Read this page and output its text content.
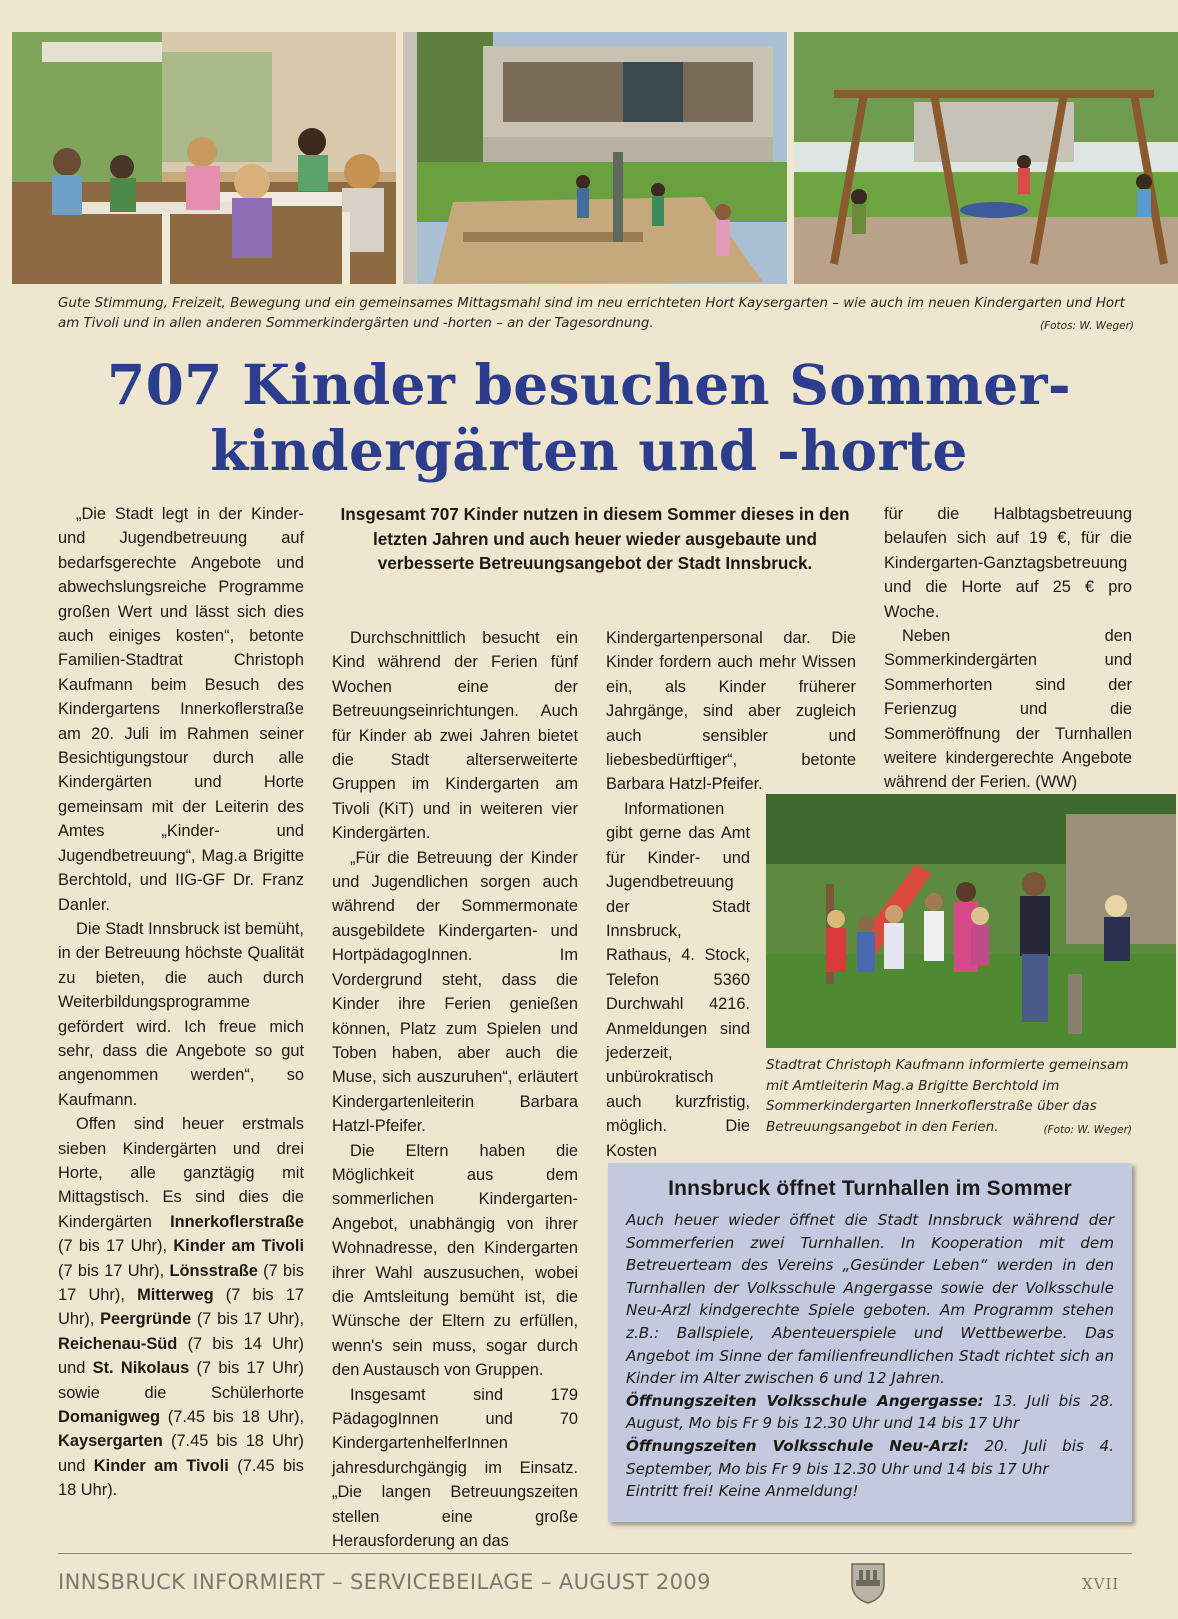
Gute Stimmung, Freizeit, Bewegung und ein gemeinsames Mittagsmahl sind im neu errichteten Hort Kaysergarten – wie auch im neuen Kindergarten und Hort am Tivoli und in allen anderen Sommerkindergärten und -horten – an der Tagesordnung.	(Fotos: W. Weger)
707 Kinder besuchen Sommer-
kindergärten und -horte

„Die Stadt legt in der Kinder- und Jugendbetreuung auf bedarfsgerechte Angebote und abwechslungsreiche Programme großen Wert und lässt sich dies auch einiges kosten“, betonte Familien-Stadtrat Christoph Kaufmann beim Besuch des Kindergartens Innerkoflerstraße am 20. Juli im Rahmen seiner Besichtigungstour durch alle Kindergärten und Horte gemeinsam mit der Leiterin des Amtes „Kinder- und Jugendbetreuung“, Mag.a Brigitte Berchtold, und IIG-GF Dr. Franz Danler.

Die Stadt Innsbruck ist bemüht, in der Betreuung höchste Qualität zu bieten, die auch durch Weiterbildungsprogramme gefördert wird. Ich freue mich sehr, dass die Angebote so gut angenommen werden“, so Kaufmann.

Offen sind heuer erstmals sieben Kindergärten und drei Horte, alle ganztägig mit Mittagstisch. Es sind dies die Kindergärten Innerkoflerstraße (7 bis 17 Uhr), Kinder am Tivoli (7 bis 17 Uhr), Lönsstraße (7 bis 17 Uhr), Mitterweg (7 bis 17 Uhr), Peergründe (7 bis 17 Uhr), Reichenau-Süd (7 bis 14 Uhr) und St. Nikolaus (7 bis 17 Uhr) sowie die Schülerhorte Domanigweg (7.45 bis 18 Uhr), Kaysergarten (7.45 bis 18 Uhr) und Kinder am Tivoli (7.45 bis 18 Uhr).

Insgesamt 707 Kinder nutzen in diesem Sommer dieses in den letzten Jahren und auch heuer wieder ausgebaute und verbesserte Betreuungsangebot der Stadt Innsbruck.

Durchschnittlich besucht ein Kind während der Ferien fünf Wochen eine der Betreuungseinrichtungen. Auch für Kinder ab zwei Jahren bietet die Stadt alterserweiterte Gruppen im Kindergarten am Tivoli (KiT) und in weiteren vier Kindergärten.

„Für die Betreuung der Kinder und Jugendlichen sorgen auch während der Sommermonate ausgebildete Kindergarten- und HortpädagogInnen. Im Vordergrund steht, dass die Kinder ihre Ferien genießen können, Platz zum Spielen und Toben haben, aber auch die Muse, sich auszuruhen“, erläutert Kindergartenleiterin Barbara Hatzl-Pfeifer.

Die Eltern haben die Möglichkeit aus dem sommerlichen Kindergarten-Angebot, unabhängig von ihrer Wohnadresse, den Kindergarten ihrer Wahl auszusuchen, wobei die Amtsleitung bemüht ist, die Wünsche der Eltern zu erfüllen, wenn's sein muss, sogar durch den Austausch von Gruppen.

Insgesamt sind 179 PädagogInnen und 70 KindergartenhelferInnen jahresdurchgängig im Einsatz. „Die langen Betreuungszeiten stellen eine große Herausforderung an das

Kindergartenpersonal dar. Die Kinder fordern auch mehr Wissen ein, als Kinder früherer Jahrgänge, sind aber zugleich auch sensibler und liebesbedürftiger“, betonte Barbara Hatzl-Pfeifer.

Informationen gibt gerne das Amt für Kinder- und Jugendbetreuung der Stadt Innsbruck, Rathaus, 4. Stock, Telefon 5360 Durchwahl 4216. Anmeldungen sind jederzeit, unbürokratisch auch kurzfristig, möglich. Die Kosten

für die Halbtagsbetreuung belaufen sich auf 19 €, für die Kindergarten-Ganztagsbetreuung und die Horte auf 25 € pro Woche.

Neben den Sommerkindergärten und Sommerhorten sind der Ferienzug und die Sommeröffnung der Turnhallen weitere kindergerechte Angebote während der Ferien. (WW)

Stadtrat Christoph Kaufmann informierte gemeinsam mit Amtleiterin Mag.a Brigitte Berchtold im Sommerkindergarten Innerkoflerstraße über das Betreuungsangebot in den Ferien.	(Foto: W. Weger)
Innsbruck öffnet Turnhallen im Sommer

Auch heuer wieder öffnet die Stadt Innsbruck während der Sommerferien zwei Turnhallen. In Kooperation mit dem Betreuerteam des Vereins „Gesünder Leben“ werden in den Turnhallen der Volksschule Angergasse sowie der Volksschule Neu-Arzl kindgerechte Spiele geboten. Am Programm stehen z.B.: Ballspiele, Abenteuerspiele und Wettbewerbe. Das Angebot im Sinne der familienfreundlichen Stadt richtet sich an Kinder im Alter zwischen 6 und 12 Jahren.
Öffnungszeiten Volksschule Angergasse: 13. Juli bis 28. August, Mo bis Fr 9 bis 12.30 Uhr und 14 bis 17 Uhr
Öffnungszeiten Volksschule Neu-Arzl: 20. Juli bis 4. September, Mo bis Fr 9 bis 12.30 Uhr und 14 bis 17 Uhr
Eintritt frei! Keine Anmeldung!

INNSBRUCK INFORMIERT – SERVICEBEILAGE – AUGUST 2009	XVII
